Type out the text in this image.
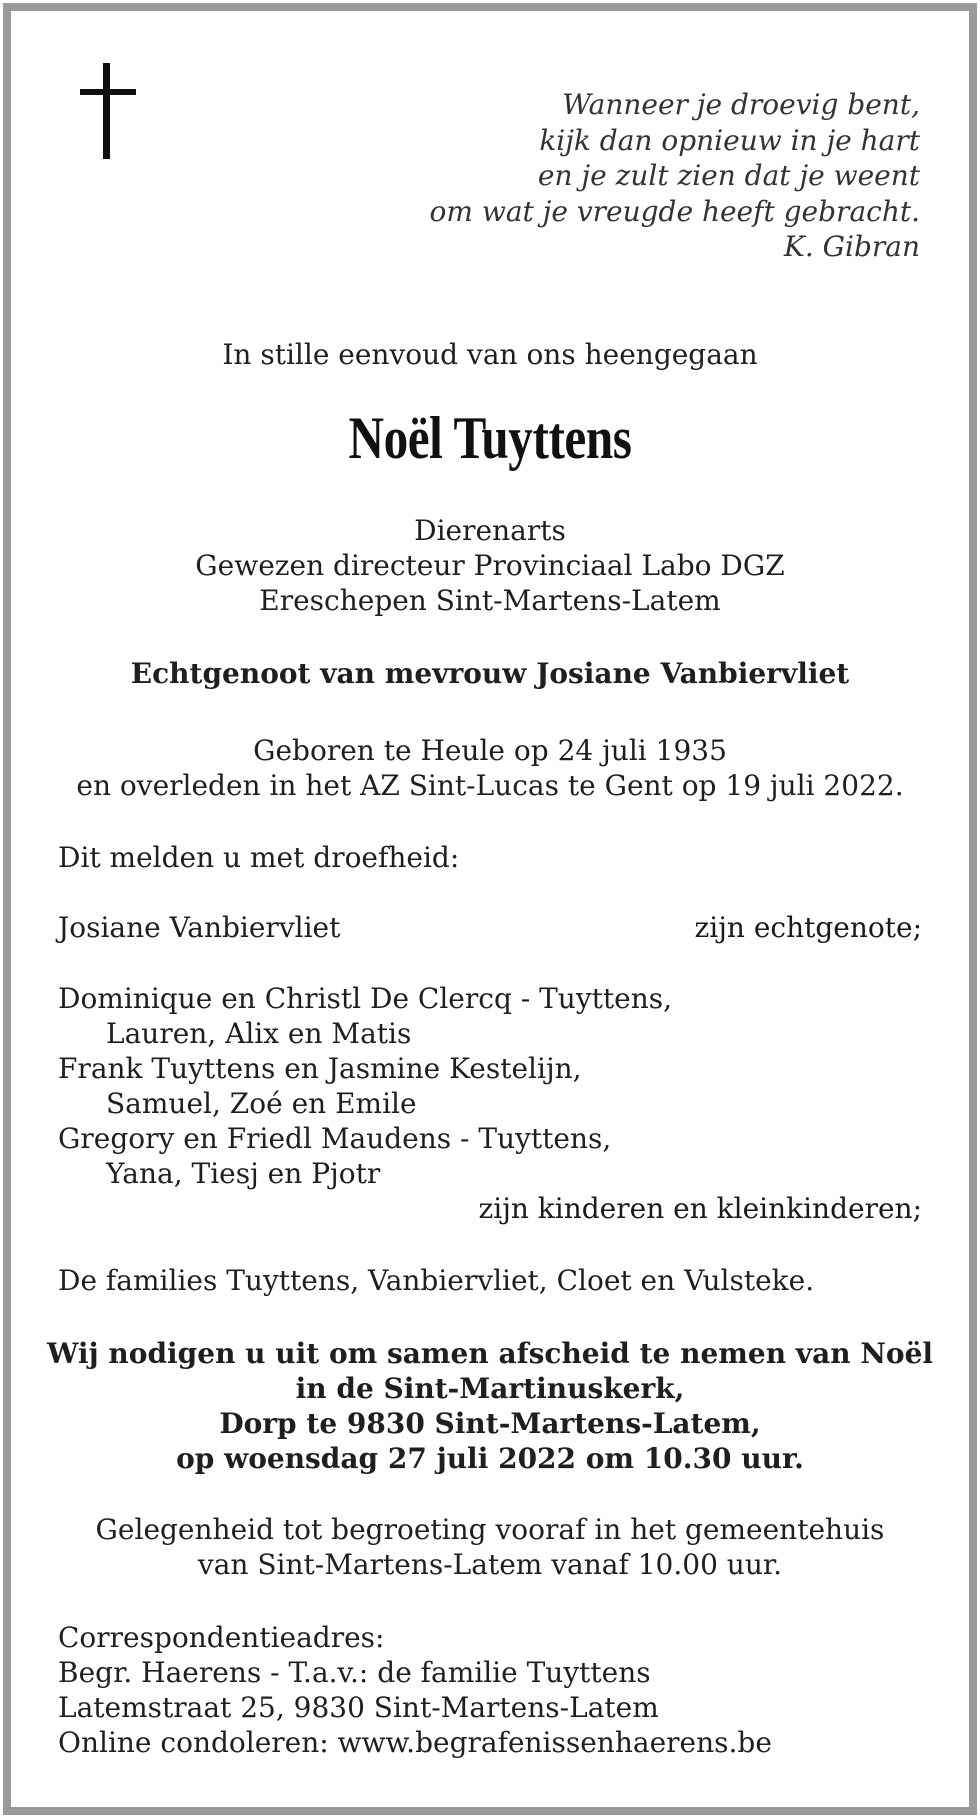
Wanneer je droevig bent,
kijk dan opnieuw in je hart
en je zult zien dat je weent
om wat je vreugde heeft gebracht.
K. Gibran
In stille eenvoud van ons heengegaan
Noël Tuyttens
Dierenarts
Gewezen directeur Provinciaal Labo DGZ
Ereschepen Sint-Martens-Latem
Echtgenoot van mevrouw Josiane Vanbiervliet
Geboren te Heule op 24 juli 1935
en overleden in het AZ Sint-Lucas te Gent op 19 juli 2022.
Dit melden u met droefheid:
Josiane Vanbiervliet	zijn echtgenote;
Dominique en Christl De Clercq - Tuyttens,
Lauren, Alix en Matis
Frank Tuyttens en Jasmine Kestelijn,
Samuel, Zoé en Emile
Gregory en Friedl Maudens - Tuyttens,
Yana, Tiesj en Pjotr
zijn kinderen en kleinkinderen;
De families Tuyttens, Vanbiervliet, Cloet en Vulsteke.
Wij nodigen u uit om samen afscheid te nemen van Noël
in de Sint-Martinuskerk,
Dorp te 9830 Sint-Martens-Latem,
op woensdag 27 juli 2022 om 10.30 uur.
Gelegenheid tot begroeting vooraf in het gemeentehuis
van Sint-Martens-Latem vanaf 10.00 uur.
Correspondentieadres:
Begr. Haerens - T.a.v.: de familie Tuyttens
Latemstraat 25, 9830 Sint-Martens-Latem
Online condoleren: www.begrafenissenhaerens.be
